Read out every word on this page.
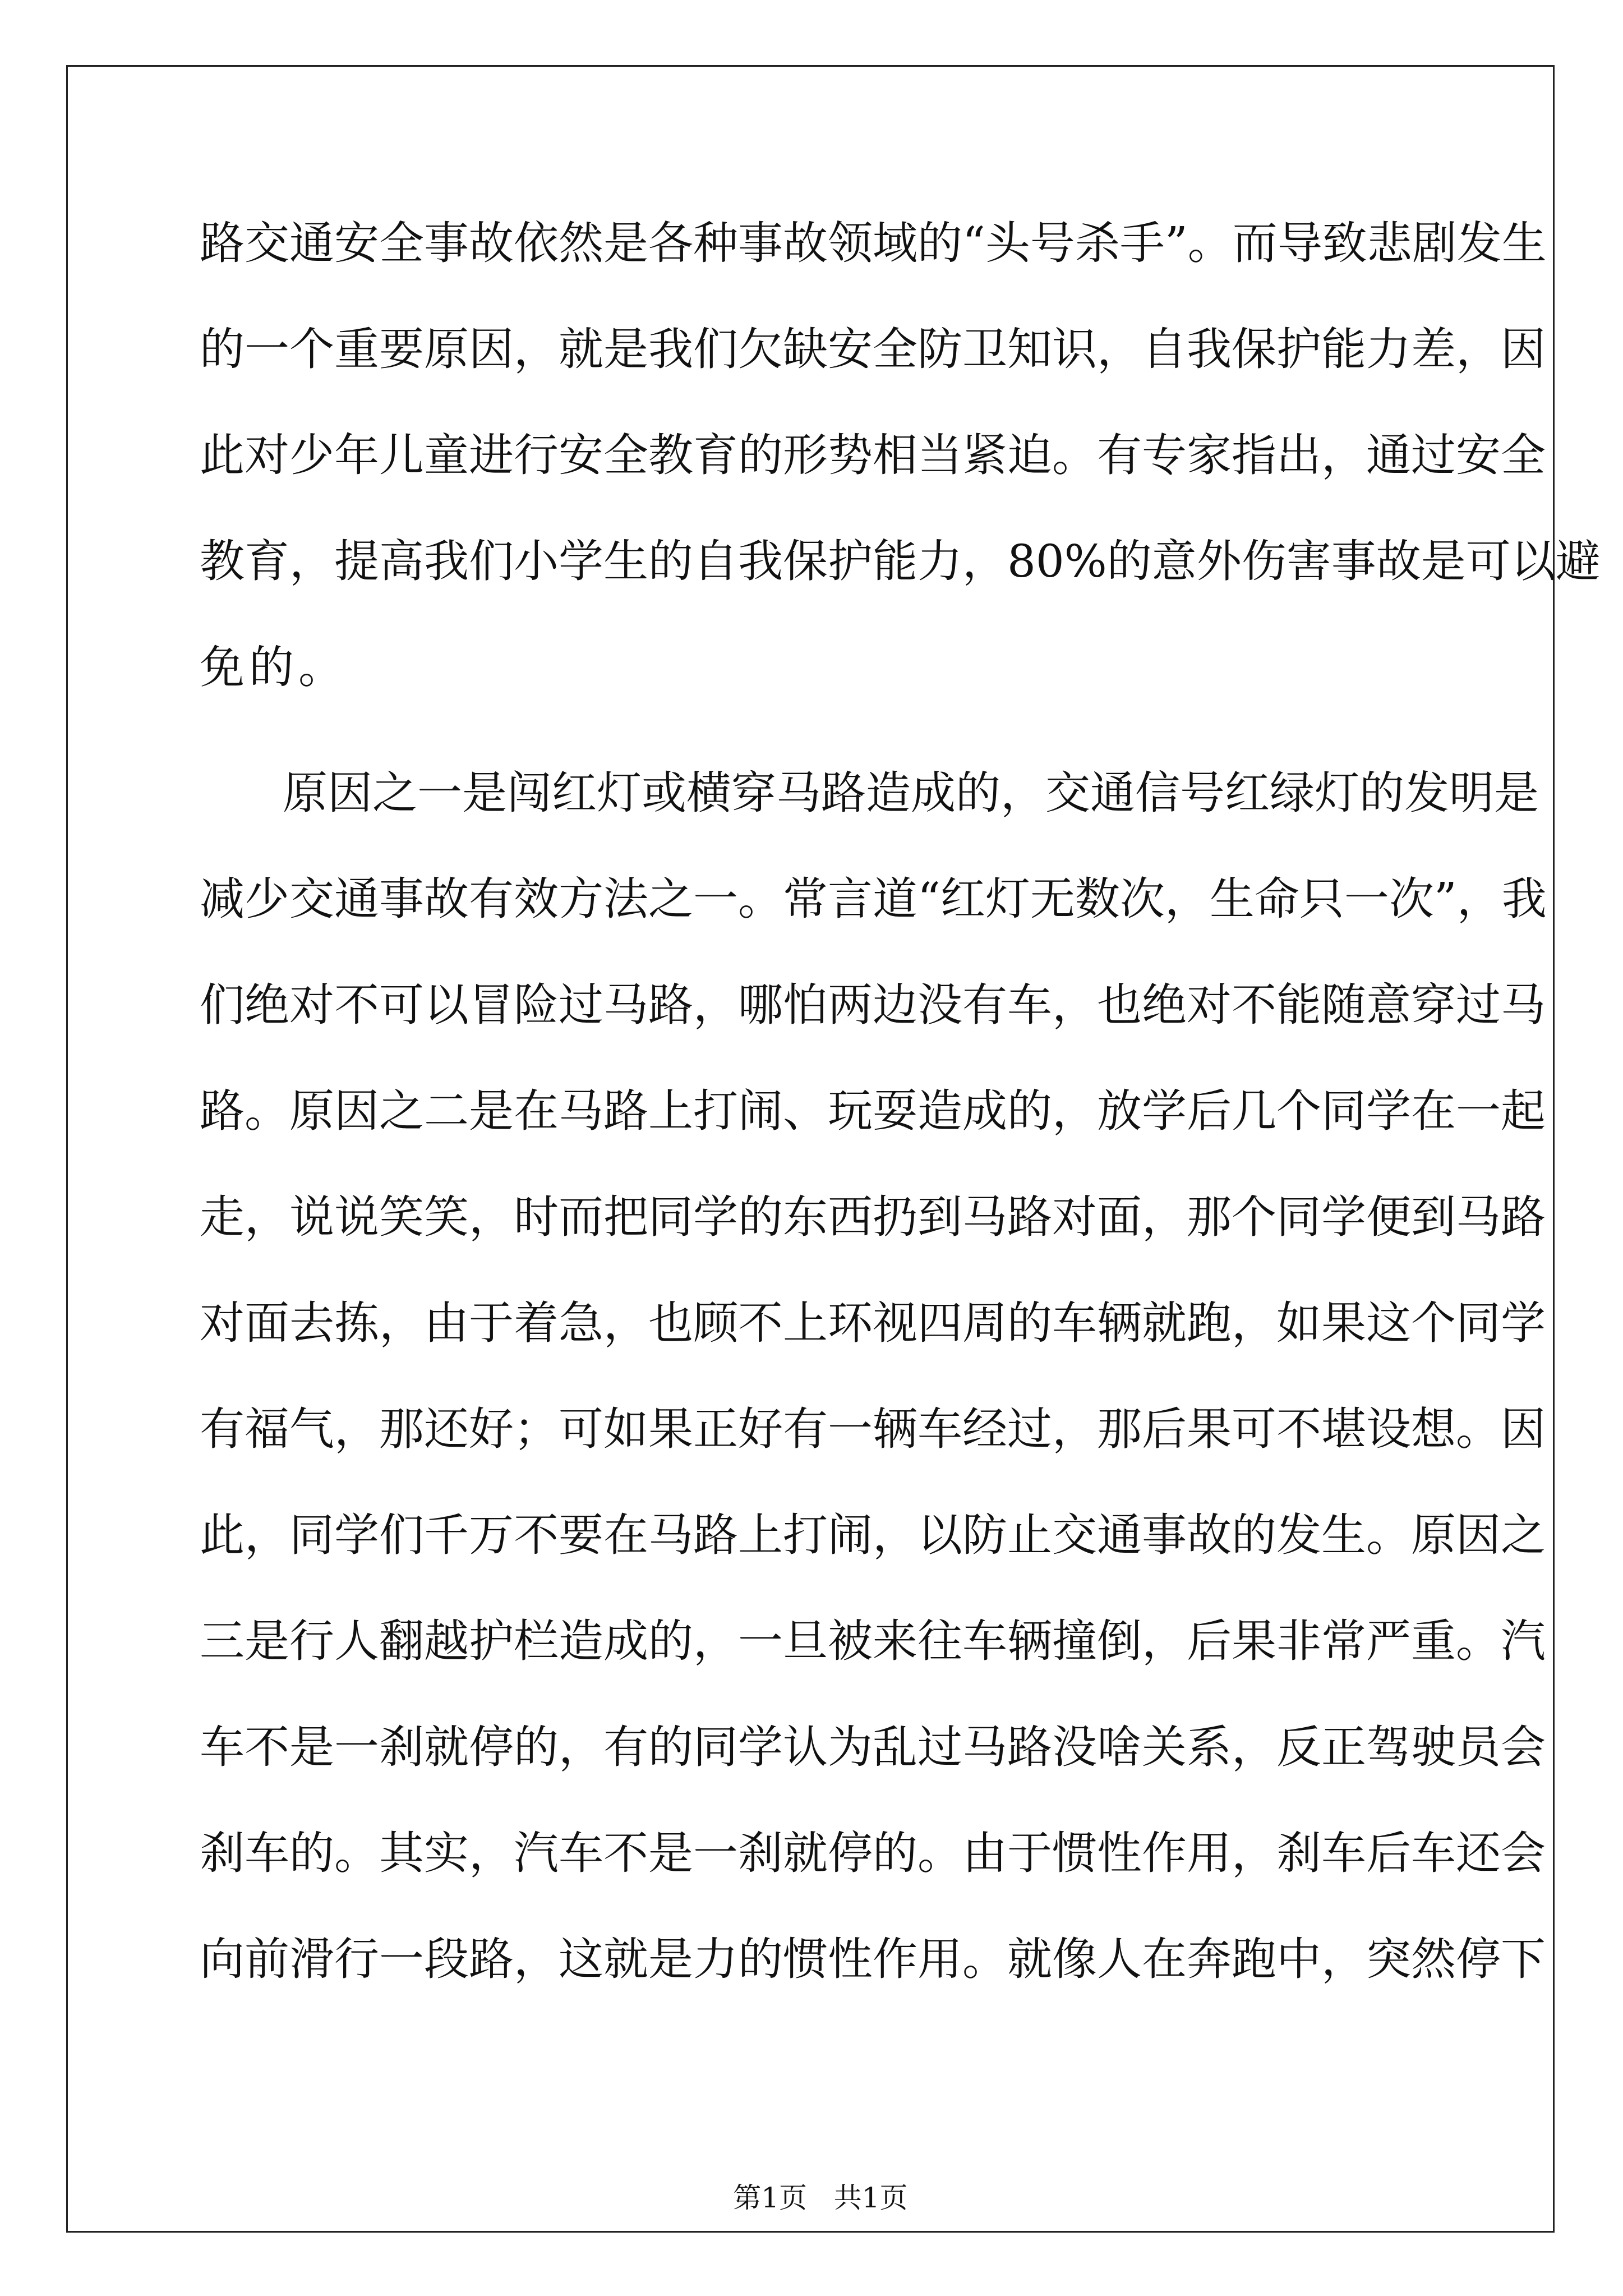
路交通安全事故依然是各种事故领域的“头号杀手”。而导致悲剧发生
的一个重要原因，就是我们欠缺安全防卫知识，自我保护能力差，因
此对少年儿童进行安全教育的形势相当紧迫。有专家指出，通过安全
教育，提高我们小学生的自我保护能力，80%的意外伤害事故是可以避
免的。
原因之一是闯红灯或横穿马路造成的，交通信号红绿灯的发明是
减少交通事故有效方法之一。常言道“红灯无数次，生命只一次”，我
们绝对不可以冒险过马路，哪怕两边没有车，也绝对不能随意穿过马
路。原因之二是在马路上打闹、玩耍造成的，放学后几个同学在一起
走，说说笑笑，时而把同学的东西扔到马路对面，那个同学便到马路
对面去拣，由于着急，也顾不上环视四周的车辆就跑，如果这个同学
有福气，那还好；可如果正好有一辆车经过，那后果可不堪设想。因
此，同学们千万不要在马路上打闹，以防止交通事故的发生。原因之
三是行人翻越护栏造成的，一旦被来往车辆撞倒，后果非常严重。汽
车不是一刹就停的，有的同学认为乱过马路没啥关系，反正驾驶员会
刹车的。其实，汽车不是一刹就停的。由于惯性作用，刹车后车还会
向前滑行一段路，这就是力的惯性作用。就像人在奔跑中，突然停下

第1页   共1页
